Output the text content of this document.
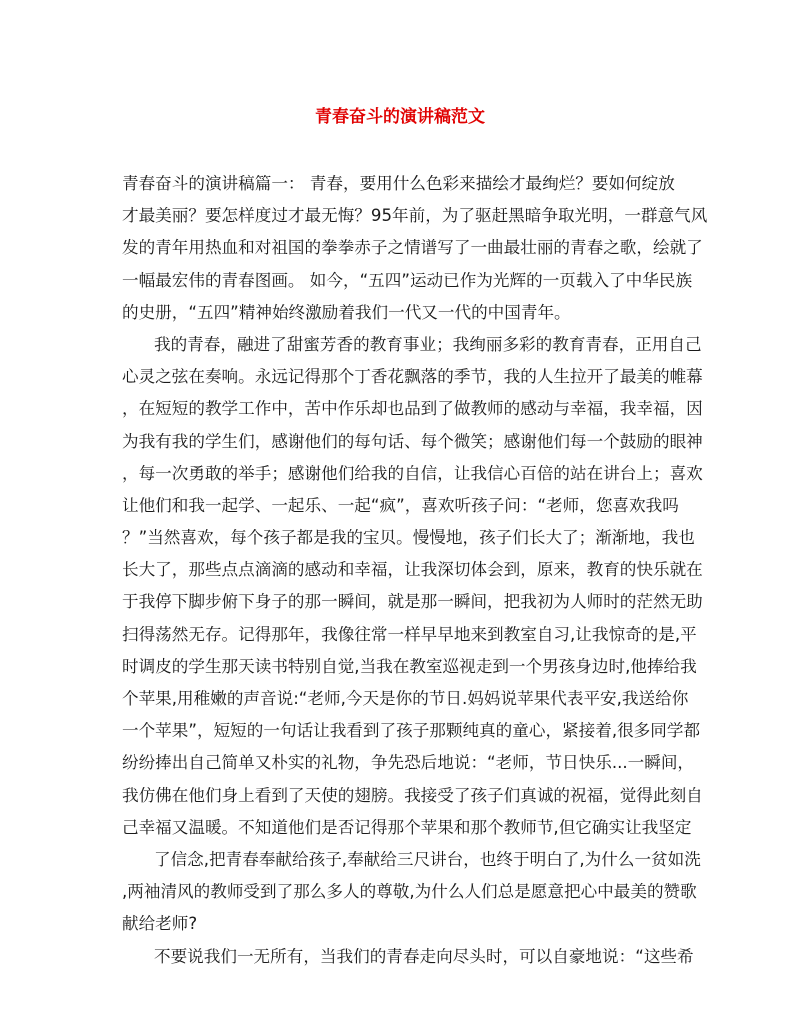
青春奋斗的演讲稿范文
青春奋斗的演讲稿篇一： 青春，要用什么色彩来描绘才最绚烂？要如何绽放
才最美丽？要怎样度过才最无悔？95年前，为了驱赶黑暗争取光明，一群意气风
发的青年用热血和对祖国的拳拳赤子之情谱写了一曲最壮丽的青春之歌，绘就了
一幅最宏伟的青春图画。 如今，“五四”运动已作为光辉的一页载入了中华民族
的史册，“五四”精神始终激励着我们一代又一代的中国青年。
我的青春，融进了甜蜜芳香的教育事业；我绚丽多彩的教育青春，正用自己
心灵之弦在奏响。永远记得那个丁香花飘落的季节，我的人生拉开了最美的帷幕
，在短短的教学工作中，苦中作乐却也品到了做教师的感动与幸福，我幸福，因
为我有我的学生们，感谢他们的每句话、每个微笑；感谢他们每一个鼓励的眼神
，每一次勇敢的举手；感谢他们给我的自信，让我信心百倍的站在讲台上；喜欢
让他们和我一起学、一起乐、一起“疯”，喜欢听孩子问：“老师，您喜欢我吗
？”当然喜欢，每个孩子都是我的宝贝。慢慢地，孩子们长大了；渐渐地，我也
长大了，那些点点滴滴的感动和幸福，让我深切体会到，原来，教育的快乐就在
于我停下脚步俯下身子的那一瞬间，就是那一瞬间，把我初为人师时的茫然无助
扫得荡然无存。记得那年，我像往常一样早早地来到教室自习,让我惊奇的是,平
时调皮的学生那天读书特别自觉,当我在教室巡视走到一个男孩身边时,他捧给我
个苹果,用稚嫩的声音说:“老师,今天是你的节日.妈妈说苹果代表平安,我送给你
一个苹果”，短短的一句话让我看到了孩子那颗纯真的童心，紧接着,很多同学都
纷纷捧出自己简单又朴实的礼物，争先恐后地说：“老师，节日快乐...一瞬间，
我仿佛在他们身上看到了天使的翅膀。我接受了孩子们真诚的祝福，觉得此刻自
己幸福又温暖。不知道他们是否记得那个苹果和那个教师节,但它确实让我坚定
了信念,把青春奉献给孩子,奉献给三尺讲台，也终于明白了,为什么一贫如洗
,两袖清风的教师受到了那么多人的尊敬,为什么人们总是愿意把心中最美的赞歌
献给老师?
不要说我们一无所有，当我们的青春走向尽头时，可以自豪地说：“这些希
